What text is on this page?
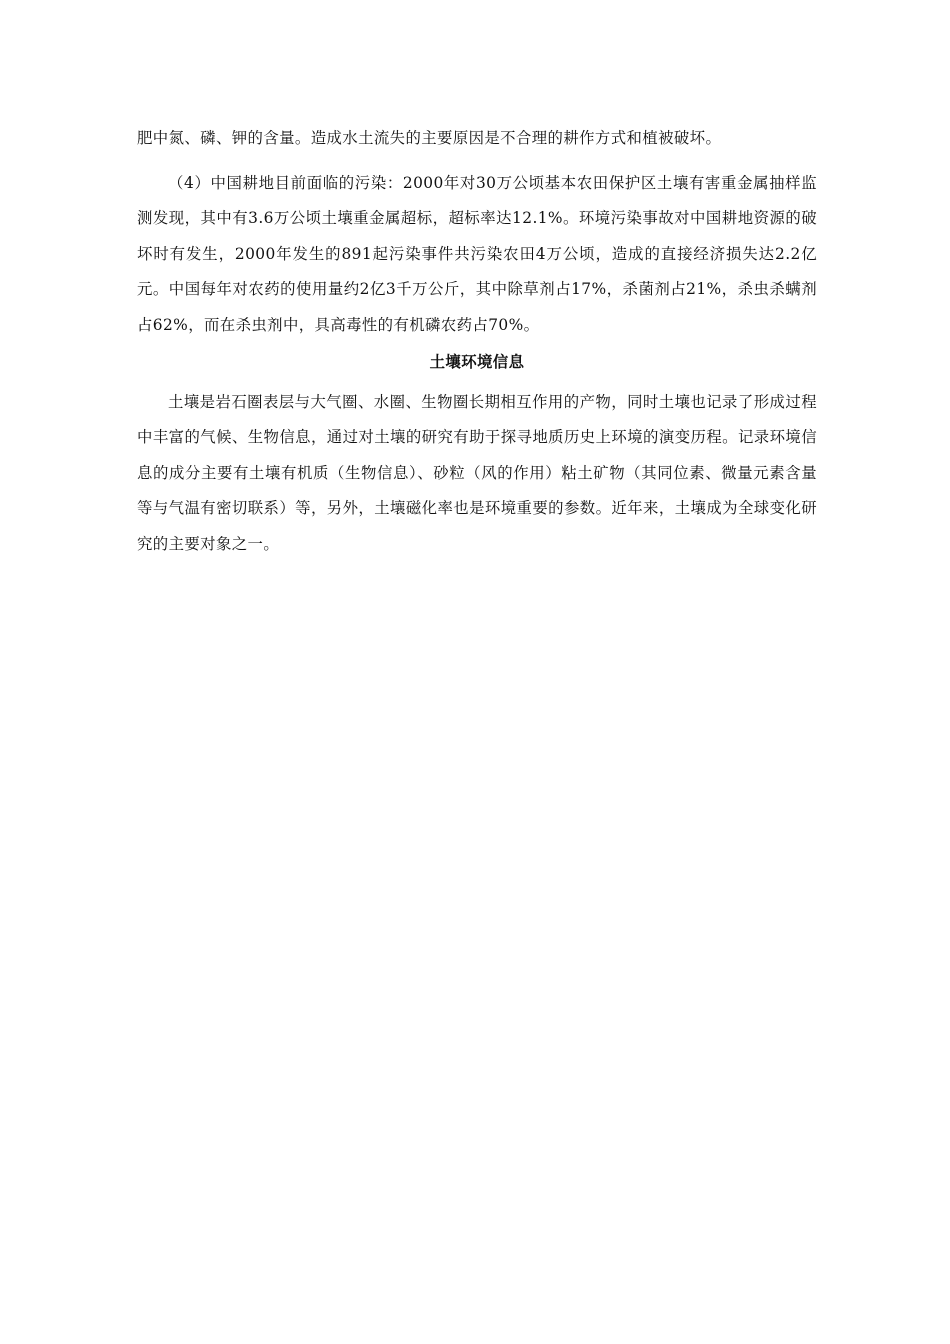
肥中氮、磷、钾的含量。造成水土流失的主要原因是不合理的耕作方式和植被破坏。

（4）中国耕地目前面临的污染：2000年对30万公顷基本农田保护区土壤有害重金属抽样监测发现，其中有3.6万公顷土壤重金属超标，超标率达12.1%。环境污染事故对中国耕地资源的破坏时有发生，2000年发生的891起污染事件共污染农田4万公顷，造成的直接经济损失达2.2亿元。中国每年对农药的使用量约2亿3千万公斤，其中除草剂占17%，杀菌剂占21%，杀虫杀螨剂占62%，而在杀虫剂中，具高毒性的有机磷农药占70%。

土壤环境信息

土壤是岩石圈表层与大气圈、水圈、生物圈长期相互作用的产物，同时土壤也记录了形成过程中丰富的气候、生物信息，通过对土壤的研究有助于探寻地质历史上环境的演变历程。记录环境信息的成分主要有土壤有机质（生物信息）、砂粒（风的作用）粘土矿物（其同位素、微量元素含量等与气温有密切联系）等，另外，土壤磁化率也是环境重要的参数。近年来，土壤成为全球变化研究的主要对象之一。
